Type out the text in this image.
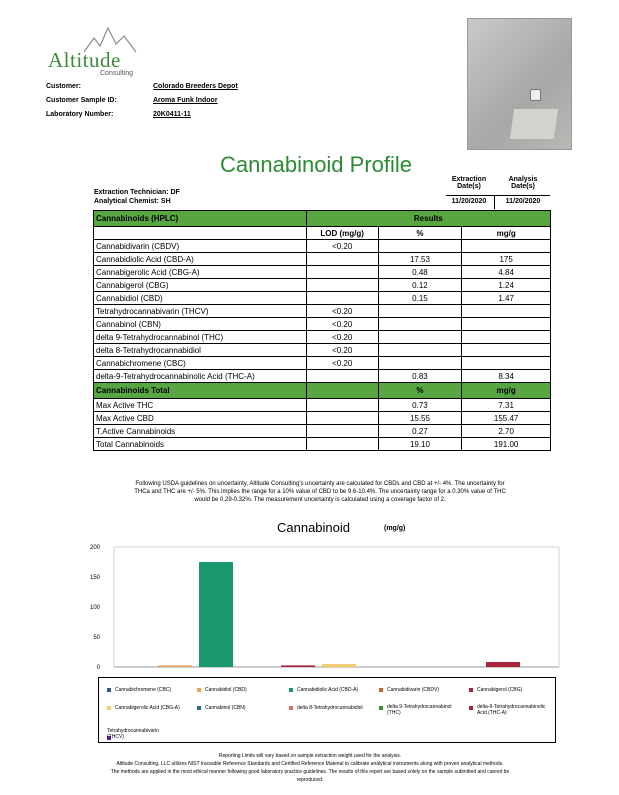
Altitude
Consulting
Customer:	Colorado Breeders Depot
Customer Sample ID:	Aroma Funk Indoor
Laboratory Number:	20K0411-11
Cannabinoid Profile
Extraction
Date(s)
Analysis
Date(s)
Extraction Technician: DF
Analytical Chemist: SH	11/20/2020	11/20/2020
Cannabinoids (HPLC)	Results		
	LOD (mg/g)	%	mg/g
Cannabidivarin (CBDV)	<0.20		
Cannabidiolic Acid (CBD-A)		17.53	175
Cannabigerolic Acid (CBG-A)		0.48	4.84
Cannabigerol (CBG)		0.12	1.24
Cannabidiol (CBD)		0.15	1.47
Tetrahydrocannabivarin (THCV)	<0.20		
Cannabinol (CBN)	<0.20		
delta 9-Tetrahydrocannabinol (THC)	<0.20		
delta 8-Tetrahydrocannabidiol	<0.20		
Cannabichromene (CBC)	<0.20		
delta-9-Tetrahydrocannabinolic Acid (THC-A)		0.83	8.34
Cannabinoids Total		%	mg/g
Max Active THC		0.73	7.31
Max Active CBD		15.55	155.47
T.Active Cannabinoids		0.27	2.70
Total Cannabinoids		19.10	191.00
Following USDA guidelines on uncertainty, Altitude Consulting's uncertainty are calculated for CBDs and CBD at +/- 4%. The uncertainty for
THCa and THC are +/- 5%. This implies the range for a 10% value of CBD to be 9.6-10.4%. The uncertainty range for a 0.30% value of THC
would be 0.29-0.32%. The measurement uncertainty is calculated using a coverage factor of 2.
Cannabinoid	(mg/g)
0
50
100
150
200
Cannabichromene (CBC)	Cannabidiol (CBD)	Cannabidiolic Acid (CBD-A)	Cannabidivarin (CBDV)	Cannabigerol (CBG)
Cannabigerolic Acid (CBG-A)	Cannabinol (CBN)	delta 8-Tetrahydrocannabidiol	delta 9-Tetrahydrocannabinol
(THC)
delta-9-Tetrahydrocannabinolic
Acid (THC-A)
Tetrahydrocannabivarin
(THCV)
Reporting Limits will vary based on sample extraction weight used for the analysis.
Altitude Consulting, LLC utilizes NIST traceable Reference Standards and Certified Reference Material to calibrate analytical instruments along with proven analytical methods.
The methods are applied in the most ethical manner following good laboratory practice guidelines. The results of this report are based solely on the sample submitted and cannot be
reproduced.
